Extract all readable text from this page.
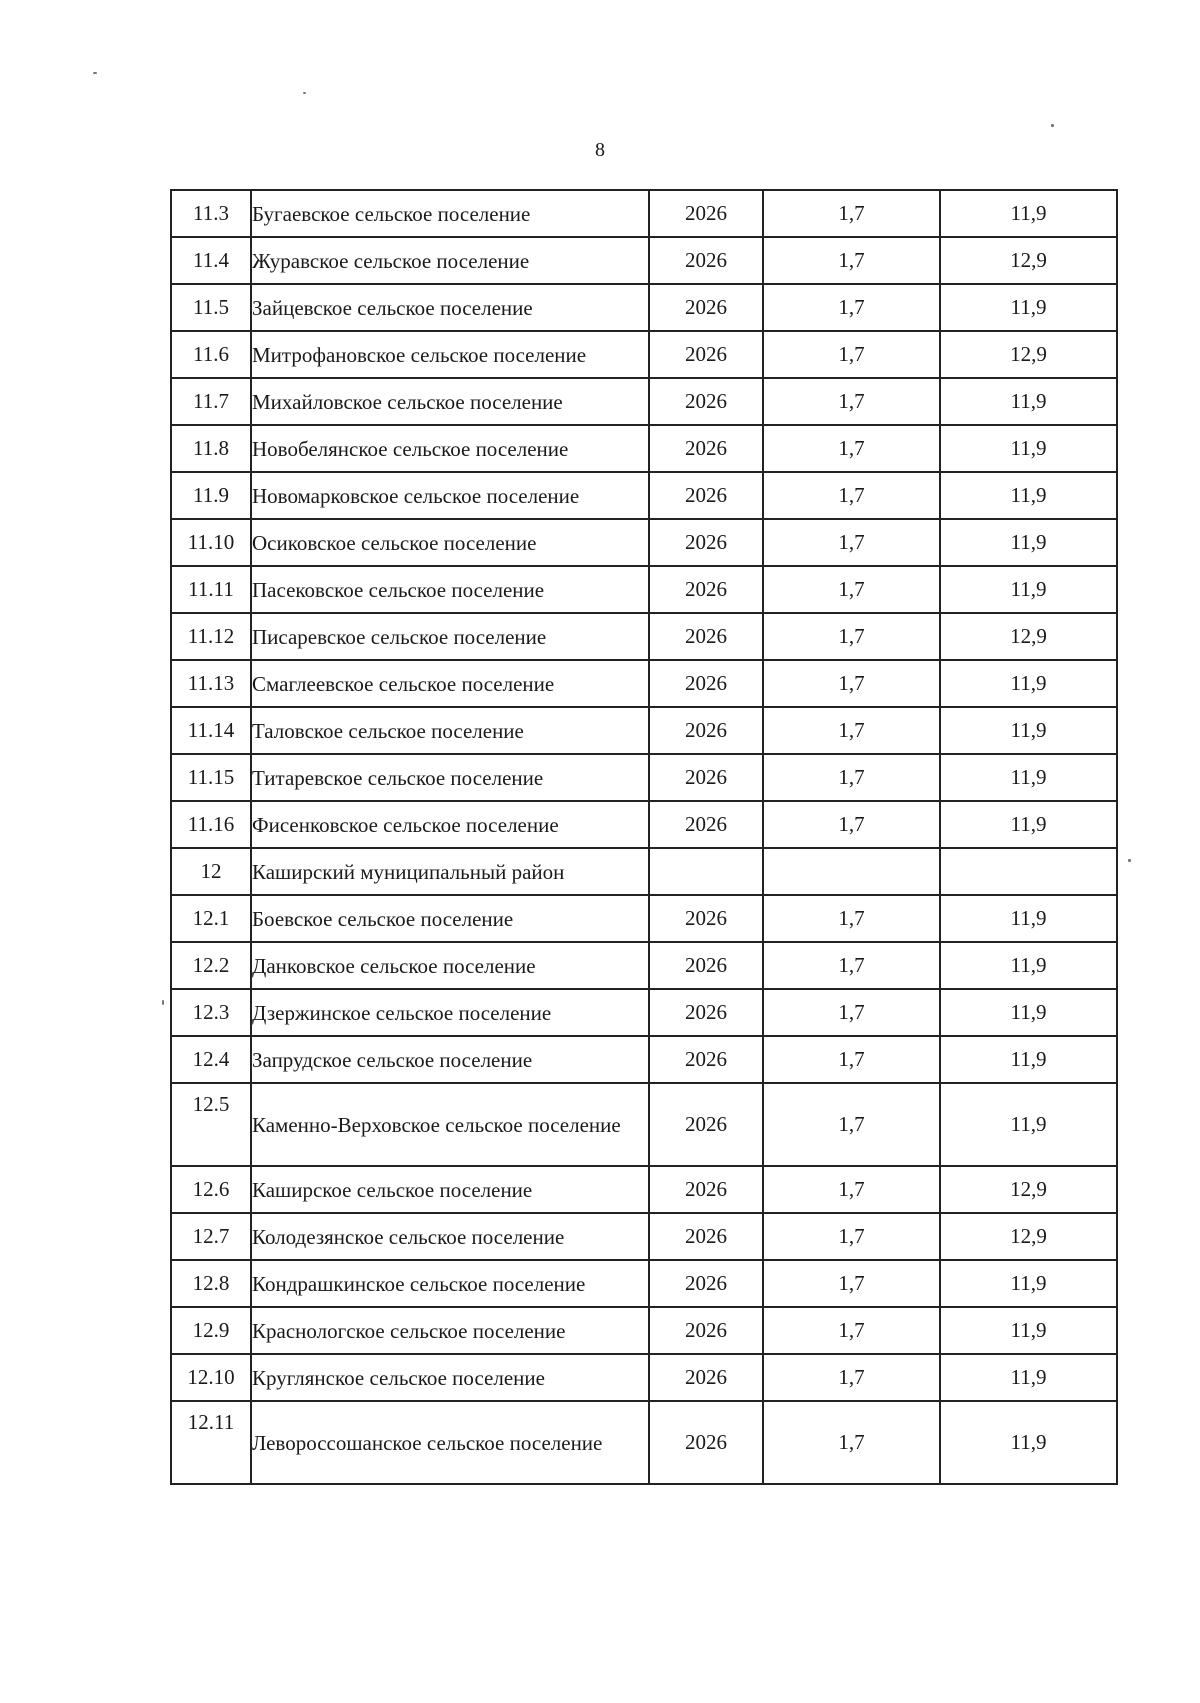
8
11.3	Бугаевское сельское поселение	2026	1,7	11,9
11.4	Журавское сельское поселение	2026	1,7	12,9
11.5	Зайцевское сельское поселение	2026	1,7	11,9
11.6	Митрофановское сельское поселение	2026	1,7	12,9
11.7	Михайловское сельское поселение	2026	1,7	11,9
11.8	Новобелянское сельское поселение	2026	1,7	11,9
11.9	Новомарковское сельское поселение	2026	1,7	11,9
11.10	Осиковское сельское поселение	2026	1,7	11,9
11.11	Пасековское сельское поселение	2026	1,7	11,9
11.12	Писаревское сельское поселение	2026	1,7	12,9
11.13	Смаглеевское сельское поселение	2026	1,7	11,9
11.14	Таловское сельское поселение	2026	1,7	11,9
11.15	Титаревское сельское поселение	2026	1,7	11,9
11.16	Фисенковское сельское поселение	2026	1,7	11,9
12	Каширский муниципальный район			
12.1	Боевское сельское поселение	2026	1,7	11,9
12.2	Данковское сельское поселение	2026	1,7	11,9
12.3	Дзержинское сельское поселение	2026	1,7	11,9
12.4	Запрудское сельское поселение	2026	1,7	11,9
12.5	Каменно-Верховское сельское поселение	2026	1,7	11,9
12.6	Каширское сельское поселение	2026	1,7	12,9
12.7	Колодезянское сельское поселение	2026	1,7	12,9
12.8	Кондрашкинское сельское поселение	2026	1,7	11,9
12.9	Краснологское сельское поселение	2026	1,7	11,9
12.10	Круглянское сельское поселение	2026	1,7	11,9
12.11	Левороссошанское сельское поселение	2026	1,7	11,9
